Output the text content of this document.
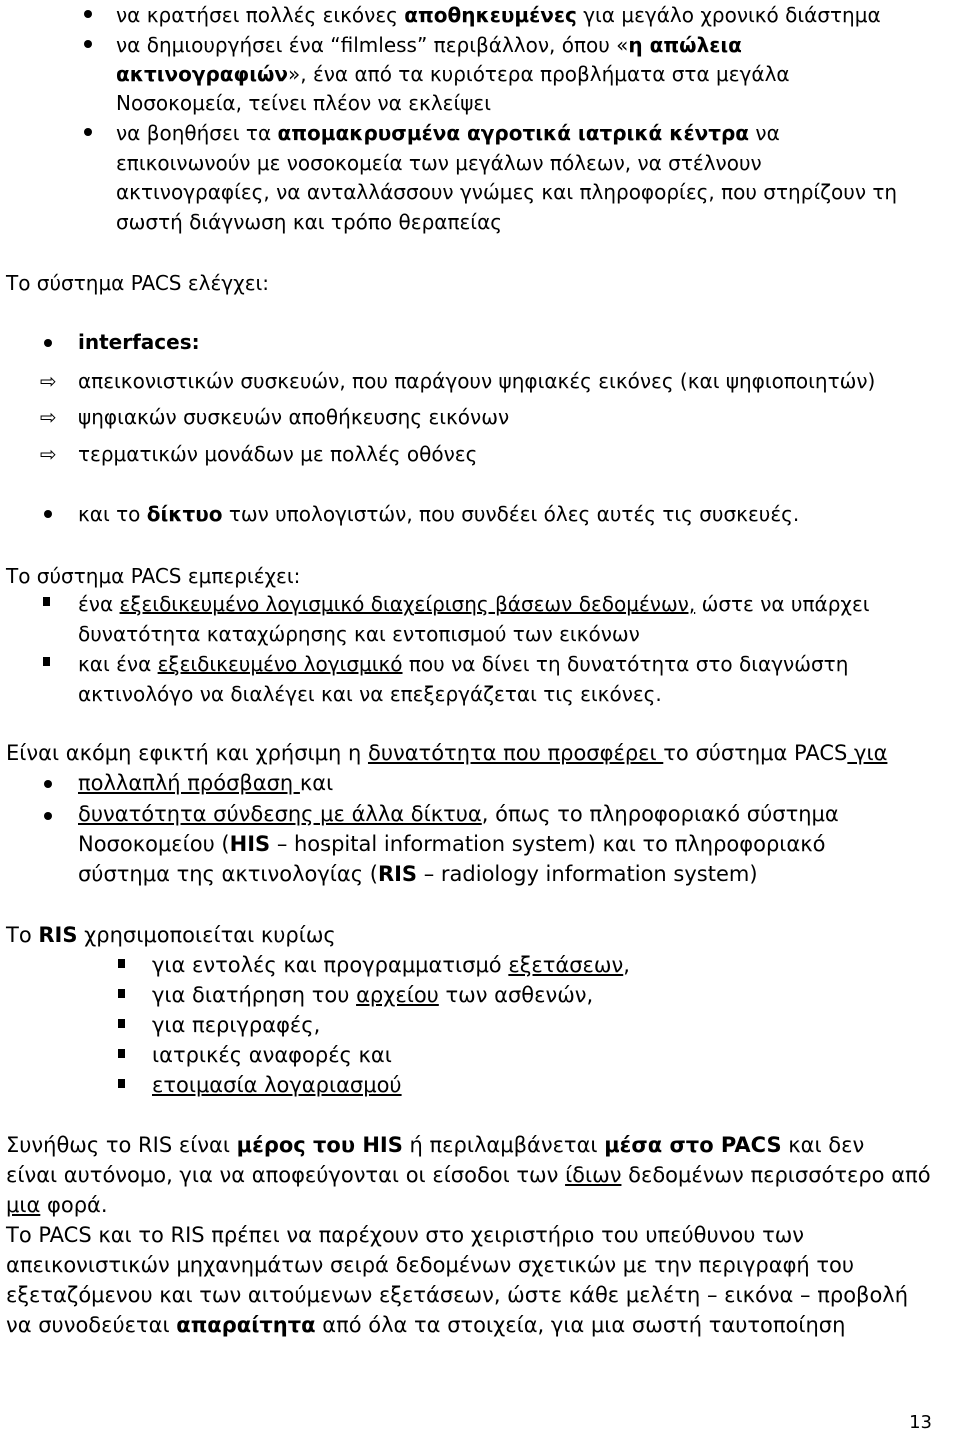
να κρατήσει πολλές εικόνες αποθηκευμένες για μεγάλο χρονικό διάστημα
να δημιουργήσει ένα “filmless” περιβάλλον, όπου «η απώλεια
ακτινογραφιών», ένα από τα κυριότερα προβλήματα στα μεγάλα
Νοσοκομεία, τείνει πλέον να εκλείψει
να βοηθήσει τα απομακρυσμένα αγροτικά ιατρικά κέντρα να
επικοινωνούν με νοσοκομεία των μεγάλων πόλεων, να στέλνουν
ακτινογραφίες, να ανταλλάσσουν γνώμες και πληροφορίες, που στηρίζουν τη
σωστή διάγνωση και τρόπο θεραπείας
Το σύστημα PACS ελέγχει:
interfaces:
⇨ απεικονιστικών συσκευών, που παράγουν ψηφιακές εικόνες (και ψηφιοποιητών)
⇨ ψηφιακών συσκευών αποθήκευσης εικόνων
⇨ τερματικών μονάδων με πολλές οθόνες
και το δίκτυο των υπολογιστών, που συνδέει όλες αυτές τις συσκευές.
Το σύστημα PACS εμπεριέχει:
ένα εξειδικευμένο λογισμικό διαχείρισης βάσεων δεδομένων, ώστε να υπάρχει
δυνατότητα καταχώρησης και εντοπισμού των εικόνων
και ένα εξειδικευμένο λογισμικό που να δίνει τη δυνατότητα στο διαγνώστη
ακτινολόγο να διαλέγει και να επεξεργάζεται τις εικόνες.
Είναι ακόμη εφικτή και χρήσιμη η δυνατότητα που προσφέρει το σύστημα PACS για
πολλαπλή πρόσβαση και
δυνατότητα σύνδεσης με άλλα δίκτυα, όπως το πληροφοριακό σύστημα
Νοσοκομείου (HIS – hospital information system) και το πληροφοριακό
σύστημα της ακτινολογίας (RIS – radiology information system)
Το RIS χρησιμοποιείται κυρίως
για εντολές και προγραμματισμό εξετάσεων,
για διατήρηση του αρχείου των ασθενών,
για περιγραφές,
ιατρικές αναφορές και
ετοιμασία λογαριασμού
Συνήθως το RIS είναι μέρος του HIS ή περιλαμβάνεται μέσα στο PACS και δεν
είναι αυτόνομο, για να αποφεύγονται οι είσοδοι των ίδιων δεδομένων περισσότερο από
μια φορά.
Το PACS και το RIS πρέπει να παρέχουν στο χειριστήριο του υπεύθυνου των
απεικονιστικών μηχανημάτων σειρά δεδομένων σχετικών με την περιγραφή του
εξεταζόμενου και των αιτούμενων εξετάσεων, ώστε κάθε μελέτη – εικόνα – προβολή
να συνοδεύεται απαραίτητα από όλα τα στοιχεία, για μια σωστή ταυτοποίηση
13
